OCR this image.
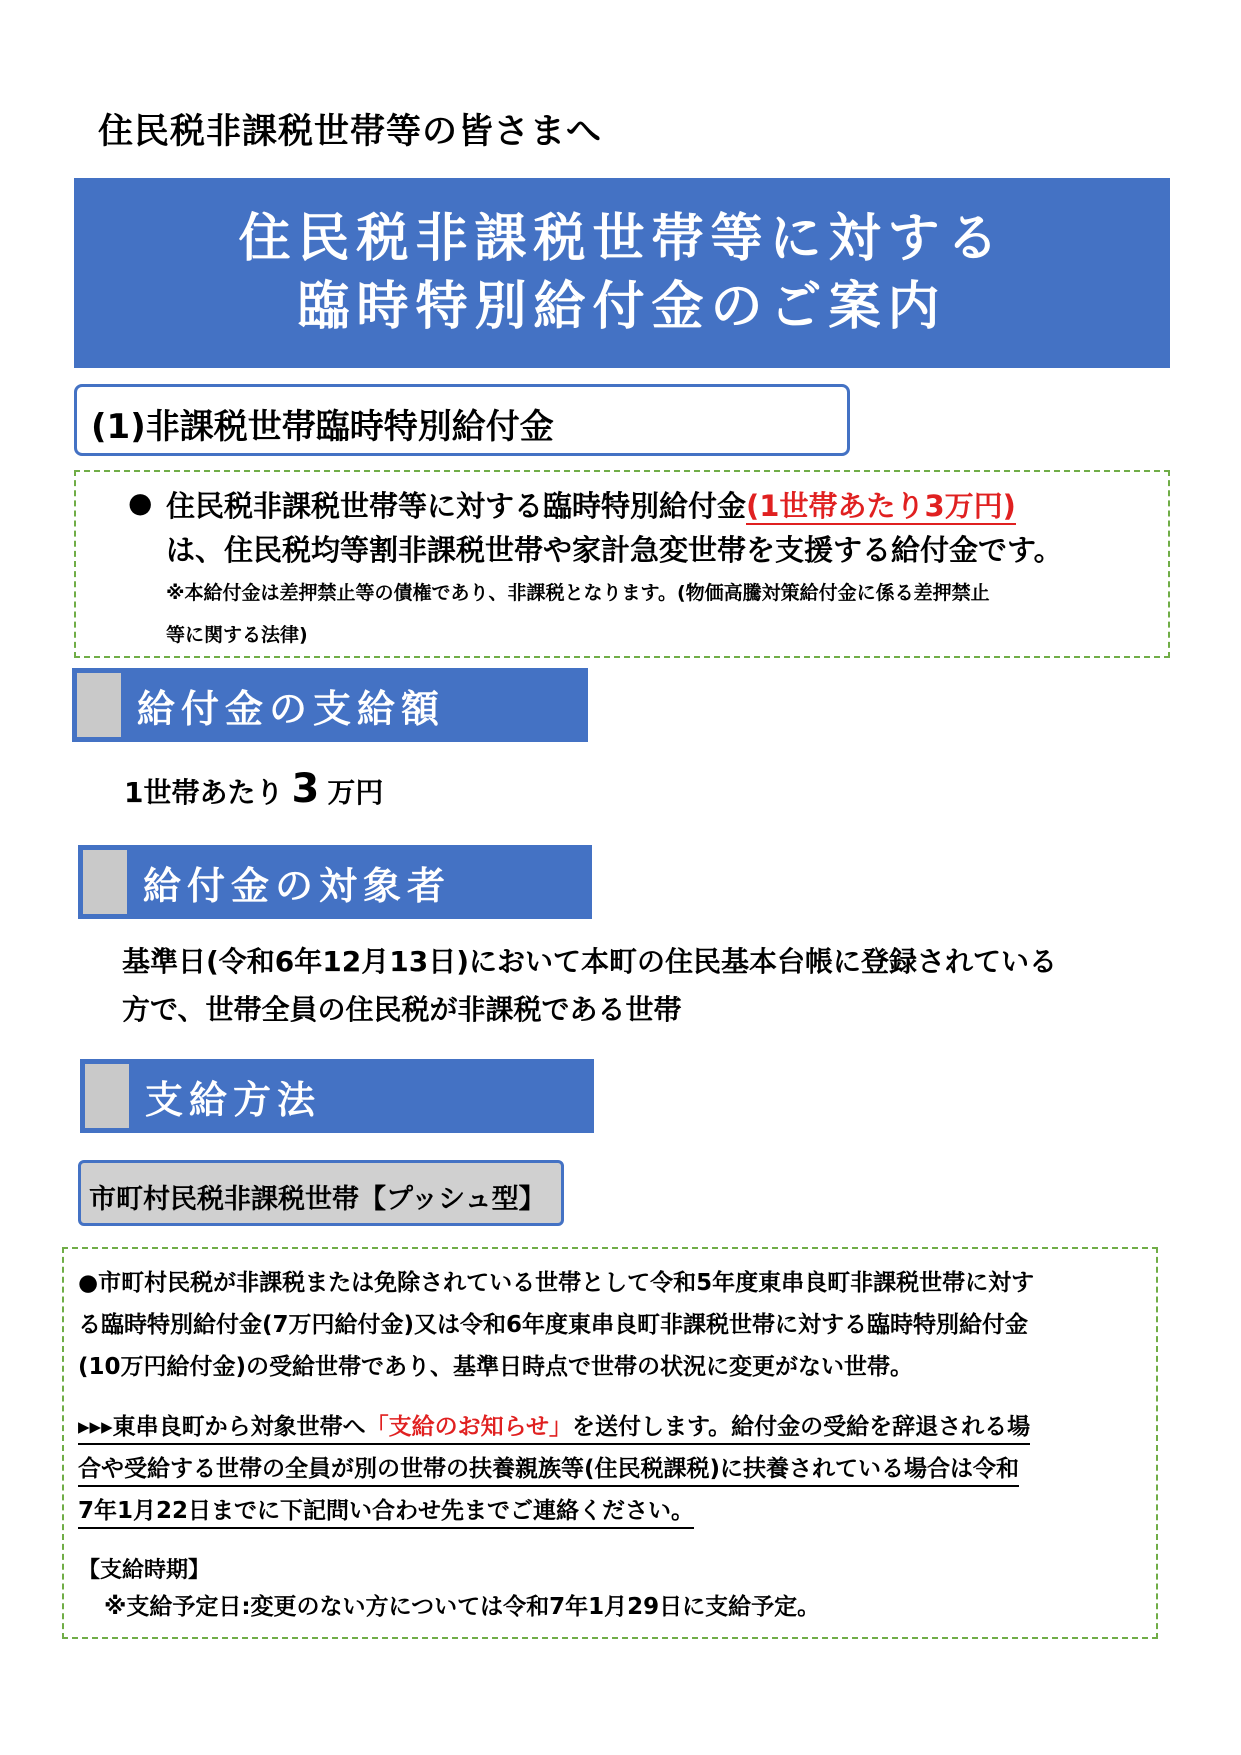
住民税非課税世帯等の皆さまへ
住民税非課税世帯等に対する
臨時特別給付金のご案内
(1)非課税世帯臨時特別給付金
● 住民税非課税世帯等に対する臨時特別給付金(1世帯あたり3万円)
は、住民税均等割非課税世帯や家計急変世帯を支援する給付金です。
※本給付金は差押禁止等の債権であり、非課税となります。(物価高騰対策給付金に係る差押禁止
等に関する法律)
給付金の支給額
1世帯あたり 3 万円
給付金の対象者
基準日(令和6年12月13日)において本町の住民基本台帳に登録されている
方で、世帯全員の住民税が非課税である世帯
支給方法
市町村民税非課税世帯【プッシュ型】
●市町村民税が非課税または免除されている世帯として令和5年度東串良町非課税世帯に対す
る臨時特別給付金(7万円給付金)又は令和6年度東串良町非課税世帯に対する臨時特別給付金
(10万円給付金)の受給世帯であり、基準日時点で世帯の状況に変更がない世帯。
▸▸▸東串良町から対象世帯へ「支給のお知らせ」を送付します。給付金の受給を辞退される場
合や受給する世帯の全員が別の世帯の扶養親族等(住民税課税)に扶養されている場合は令和
7年1月22日までに下記問い合わせ先までご連絡ください。
【支給時期】
※支給予定日:変更のない方については令和7年1月29日に支給予定。
